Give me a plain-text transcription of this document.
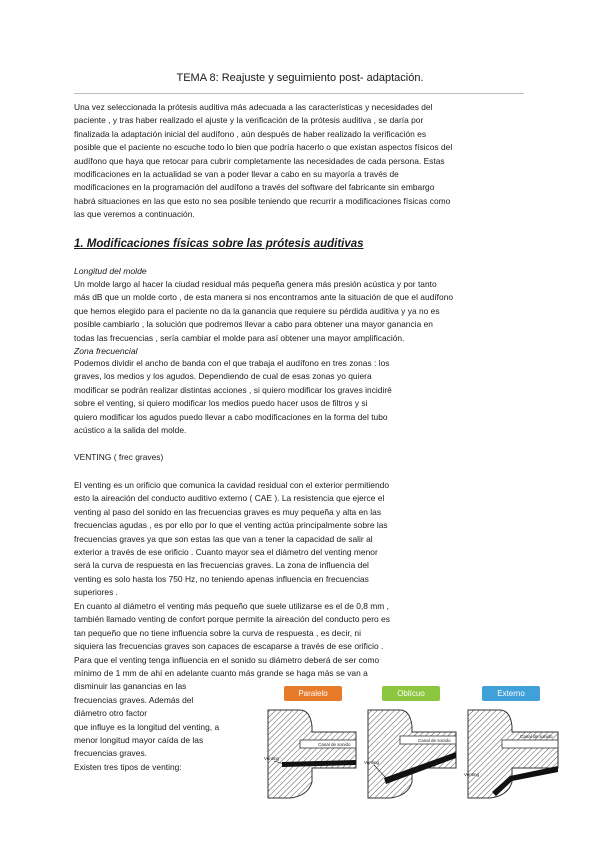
TEMA 8: Reajuste y seguimiento post- adaptación.
Una vez seleccionada la prótesis auditiva más adecuada a las características y necesidades del
paciente , y tras haber realizado el ajuste y la verificación de la prótesis auditiva , se daría por
finalizada la adaptación inicial del audífono , aún después de haber realizado la verificación es
posible que el paciente no escuche todo lo bien que podría hacerlo o que existan aspectos físicos del
audífono que haya que retocar para cubrir completamente las necesidades de cada persona. Estas
modificaciones en la actualidad se van a poder llevar a cabo en su mayoría a través de
modificaciones en la programación del audífono a través del software del fabricante sin embargo
habrá situaciones en las que esto no sea posible teniendo que recurrir a modificaciones físicas como
las que veremos a continuación.
1. Modificaciones físicas sobre las prótesis auditivas
Longitud del molde
Un molde largo al hacer la ciudad residual más pequeña genera más presión acústica y por tanto
más dB que un molde corto , de esta manera si nos encontramos ante la situación de que el audífono
que hemos elegido para el paciente no da la ganancia que requiere su pérdida auditiva y ya no es
posible cambiarlo , la solución que podremos llevar a cabo para obtener una mayor ganancia en
todas las frecuencias , sería cambiar el molde para así obtener una mayor amplificación.
Zona frecuencial
Podemos dividir el ancho de banda con el que trabaja el audífono en tres zonas : los
graves, los medios y los agudos. Dependiendo de cual de esas zonas yo quiera
modificar se podrán realizar distintas acciones , si quiero modificar los graves incidiré
sobre el venting, si quiero modificar los medios puedo hacer usos de filtros y si
quiero modificar los agudos puedo llevar a cabo modificaciones en la forma del tubo
acústico a la salida del molde.
VENTING ( frec graves)
El venting es un orificio que comunica la cavidad residual con el exterior permitiendo
esto la aireación del conducto auditivo externo ( CAE ). La resistencia que ejerce el
venting al paso del sonido en las frecuencias graves es muy pequeña y alta en las
frecuencias agudas , es por ello por lo que el venting actúa principalmente sobre las
frecuencias graves ya que son estas las que van a tener la capacidad de salir al
exterior a través de ese orificio . Cuanto mayor sea el diámetro del venting menor
será la curva de respuesta en las frecuencias graves. La zona de influencia del
venting es solo hasta los 750 Hz, no teniendo apenas influencia en frecuencias
superiores .
En cuanto al diámetro el venting más pequeño que suele utilizarse es el de 0,8 mm ,
también llamado venting de confort porque permite la aireación del conducto pero es
tan pequeño que no tiene influencia sobre la curva de respuesta , es decir, ni
siquiera las frecuencias graves son capaces de escaparse a través de ese orificio .
Para que el venting tenga influencia en el sonido su diámetro deberá de ser como
mínimo de 1 mm de ahí en adelante cuanto más grande se haga más se van a
disminuir las ganancias en las
frecuencias graves. Además del
diámetro otro factor
que influye es la longitud del venting, a
menor longitud mayor caída de las
frecuencias graves.
Existen tres tipos de venting:
Paralelo	Oblícuo	Externo
Canal de sonido
Venting
Canal de sonido
Venting
Canal de sonido
Venting
